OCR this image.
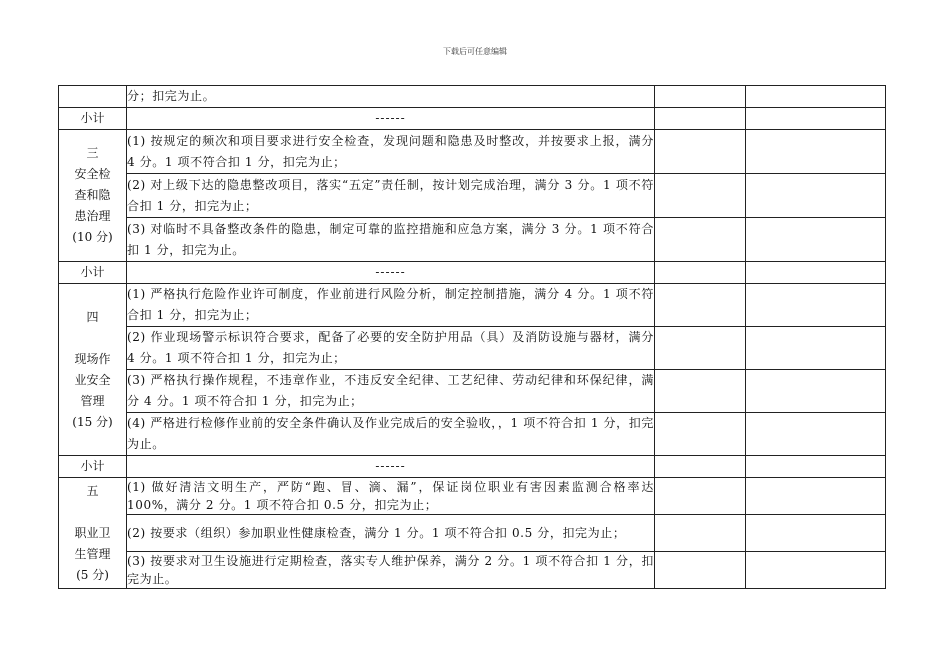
下载后可任意编辑
	分；扣完为止。		
小计	------		

三
安全检
查和隐
患治理
(10 分)	(1) 按规定的频次和项目要求进行安全检查，发现问题和隐患及时整改，并按要求上报，满分 4 分。1 项不符合扣 1 分，扣完为止；		
	(2) 对上级下达的隐患整改项目，落实“五定”责任制，按计划完成治理，满分 3 分。1 项不符合扣 1 分，扣完为止；		
	(3) 对临时不具备整改条件的隐患，制定可靠的监控措施和应急方案，满分 3 分。1 项不符合扣 1 分，扣完为止。		
小计	------		

四

现场作
业安全
管理
(15 分)	(1) 严格执行危险作业许可制度，作业前进行风险分析，制定控制措施，满分 4 分。1 项不符合扣 1 分，扣完为止；		
	(2) 作业现场警示标识符合要求，配备了必要的安全防护用品（具）及消防设施与器材，满分 4 分。1 项不符合扣 1 分，扣完为止；		
	(3) 严格执行操作规程，不违章作业，不违反安全纪律、工艺纪律、劳动纪律和环保纪律，满分 4 分。1 项不符合扣 1 分，扣完为止；		
	(4) 严格进行检修作业前的安全条件确认及作业完成后的安全验收，，1 项不符合扣 1 分，扣完为止。		
小计	------		

五

职业卫
生管理
(5 分)	(1) 做好清洁文明生产，严防“跑、冒、滴、漏”，保证岗位职业有害因素监测合格率达 100%，满分 2 分。1 项不符合扣 0.5 分，扣完为止；		
	(2) 按要求（组织）参加职业性健康检查，满分 1 分。1 项不符合扣 0.5 分，扣完为止；		
	(3) 按要求对卫生设施进行定期检查，落实专人维护保养，满分 2 分。1 项不符合扣 1 分，扣完为止。		
